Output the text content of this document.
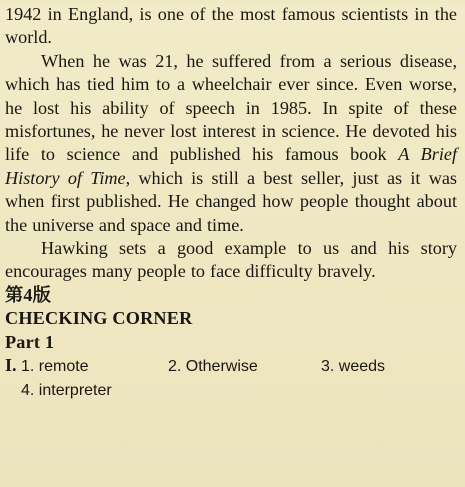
1942 in England, is one of the most famous scientists in the world.

When he was 21, he suffered from a serious disease, which has tied him to a wheelchair ever since. Even worse, he lost his ability of speech in 1985. In spite of these misfortunes, he never lost interest in science. He devoted his life to science and published his famous book A Brief History of Time, which is still a best seller, just as it was when first published. He changed how people thought about the universe and space and time.

Hawking sets a good example to us and his story encourages many people to face difficulty bravely.

第4版

CHECKING CORNER

Part 1

I. 1. remote	2. Otherwise	3. weeds
4. interpreter
